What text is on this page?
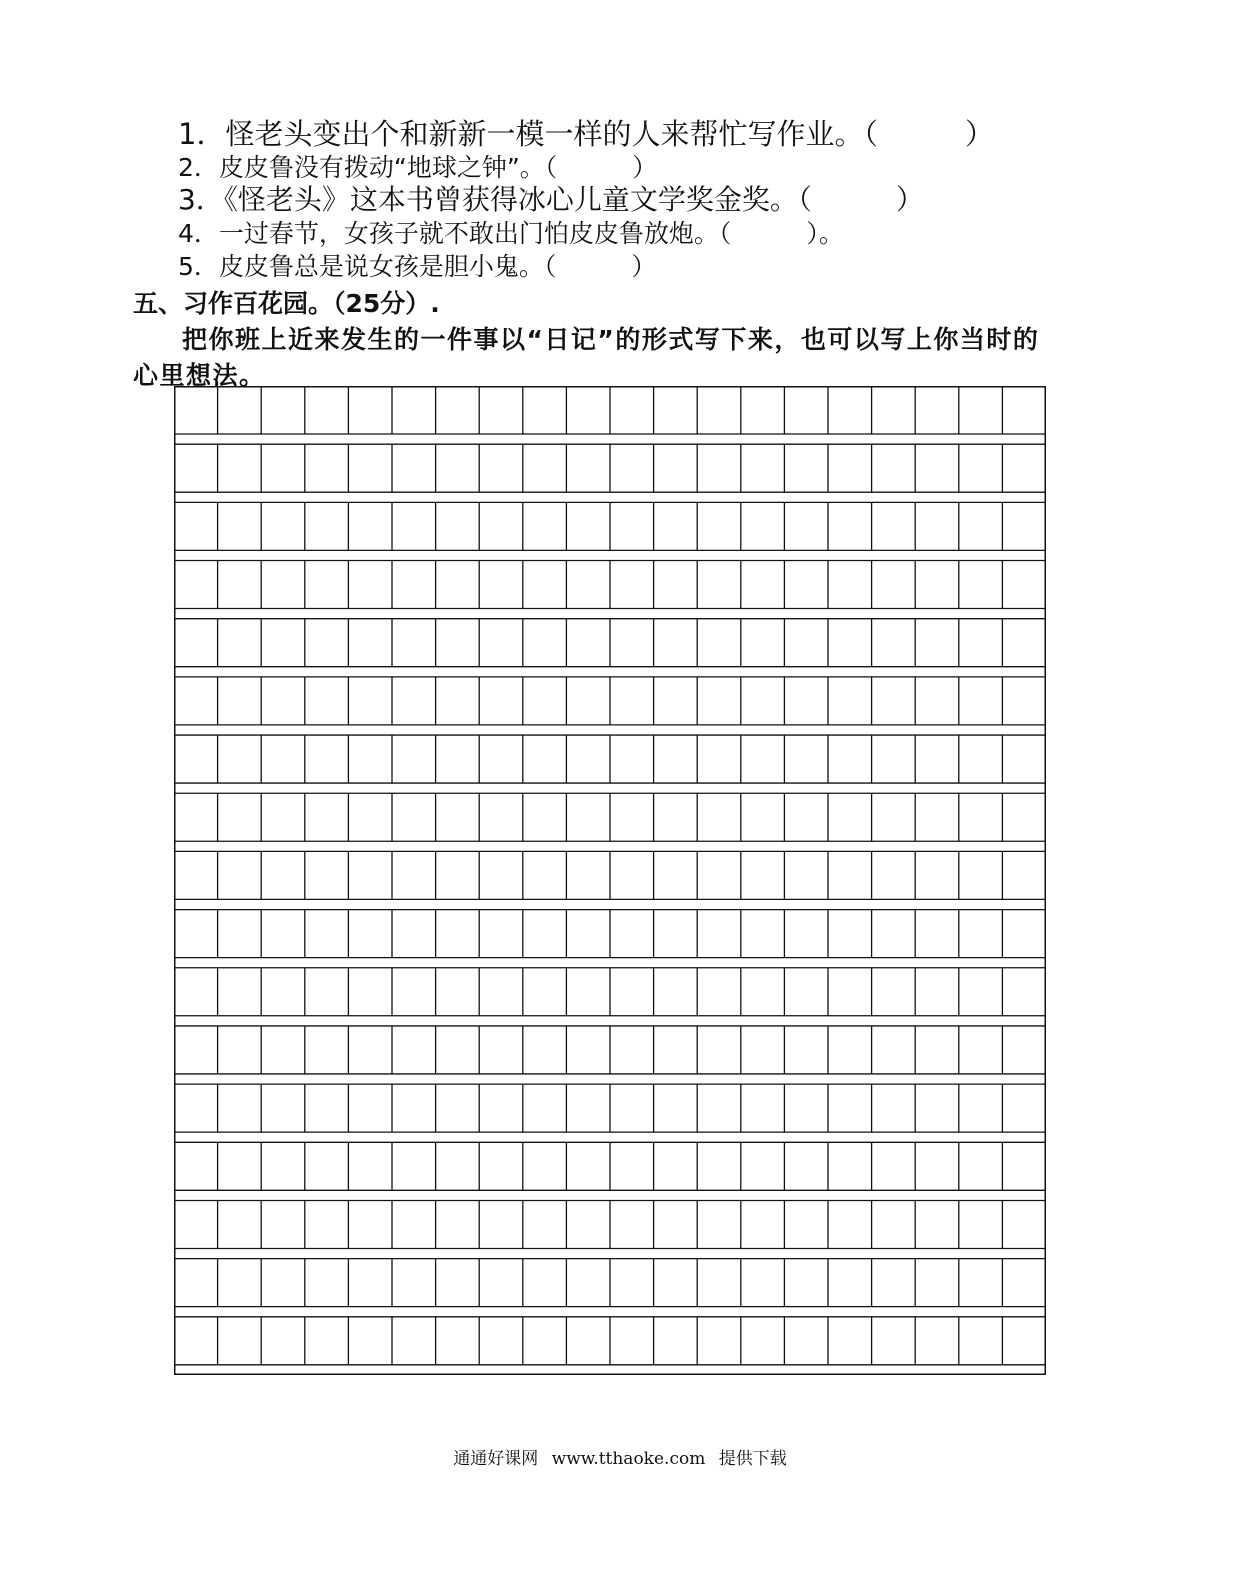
1．怪老头变出个和新新一模一样的人来帮忙写作业。（　　　）
2．皮皮鲁没有拨动“地球之钟”。（　　　）
3．《怪老头》这本书曾获得冰心儿童文学奖金奖。（　　　）
4．一过春节，女孩子就不敢出门怕皮皮鲁放炮。（　　　）。
5．皮皮鲁总是说女孩是胆小鬼。（　　　）
五、习作百花园。（25分）.
把你班上近来发生的一件事以“日记”的形式写下来，也可以写上你当时的
心里想法。
通通好课网 www.tthaoke.com 提供下载
